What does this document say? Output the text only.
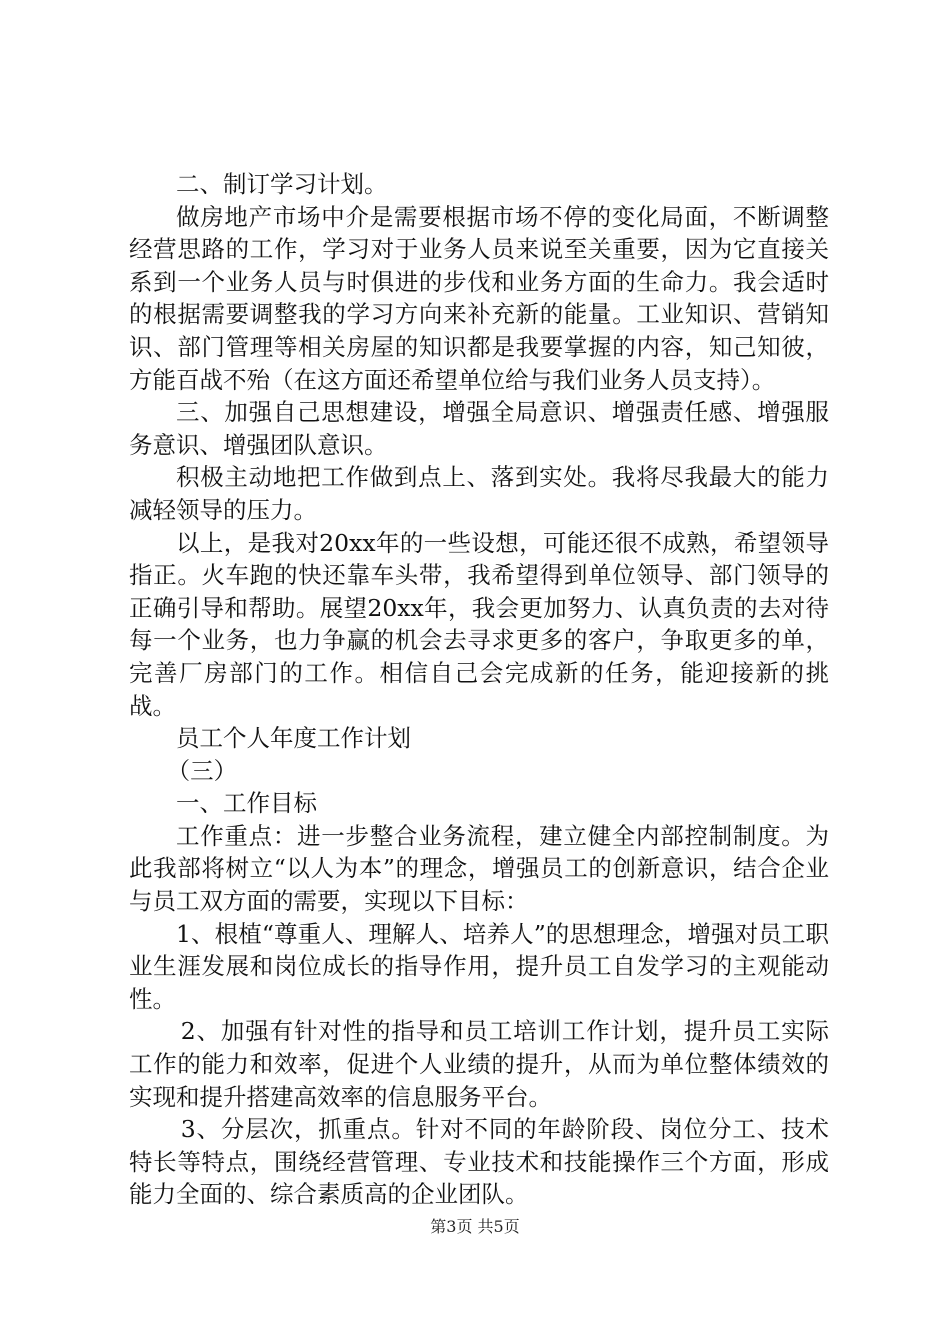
二、制订学习计划。

做房地产市场中介是需要根据市场不停的变化局面，不断调整经营思路的工作，学习对于业务人员来说至关重要，因为它直接关系到一个业务人员与时俱进的步伐和业务方面的生命力。我会适时的根据需要调整我的学习方向来补充新的能量。工业知识、营销知识、部门管理等相关房屋的知识都是我要掌握的内容，知己知彼，方能百战不殆（在这方面还希望单位给与我们业务人员支持）。

三、加强自己思想建设，增强全局意识、增强责任感、增强服务意识、增强团队意识。

积极主动地把工作做到点上、落到实处。我将尽我最大的能力减轻领导的压力。

以上，是我对20xx年的一些设想，可能还很不成熟，希望领导指正。火车跑的快还靠车头带，我希望得到单位领导、部门领导的正确引导和帮助。展望20xx年，我会更加努力、认真负责的去对待每一个业务，也力争赢的机会去寻求更多的客户，争取更多的单，完善厂房部门的工作。相信自己会完成新的任务，能迎接新的挑战。

员工个人年度工作计划

（三）

一、工作目标

工作重点：进一步整合业务流程，建立健全内部控制制度。为此我部将树立“以人为本”的理念，增强员工的创新意识，结合企业与员工双方面的需要，实现以下目标：

1、根植“尊重人、理解人、培养人”的思想理念，增强对员工职业生涯发展和岗位成长的指导作用，提升员工自发学习的主观能动性。

2、加强有针对性的指导和员工培训工作计划，提升员工实际工作的能力和效率，促进个人业绩的提升，从而为单位整体绩效的实现和提升搭建高效率的信息服务平台。

3、分层次，抓重点。针对不同的年龄阶段、岗位分工、技术特长等特点，围绕经营管理、专业技术和技能操作三个方面，形成能力全面的、综合素质高的企业团队。

第3页 共5页
